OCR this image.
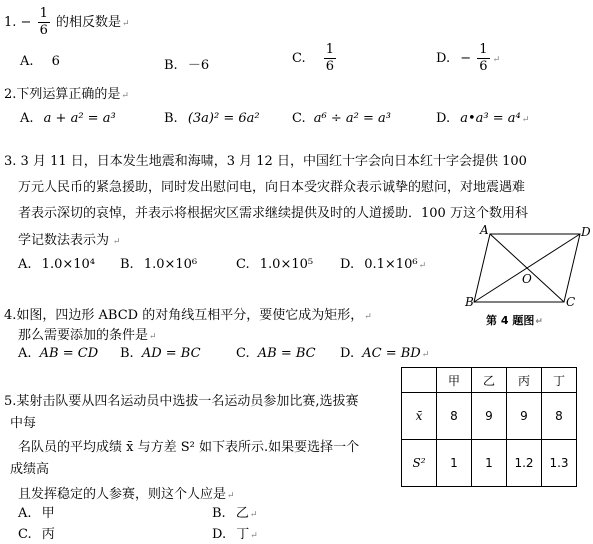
1. − $\frac{1}{6}$ 的相反数是↵
A. 6	B. －6	C. $\frac{1}{6}$	D. − $\frac{1}{6}$ ↵
2.下列运算正确的是↵
A. a + a² = a³	B. (3a)² = 6a² C. a⁶ ÷ a² = a³	D. a•a³ = a⁴↵
3. 3 月 11 日，日本发生地震和海啸，3 月 12 日，中国红十字会向日本红十字会提供 100
万元人民币的紧急援助，同时发出慰问电，向日本受灾群众表示诚挚的慰问，对地震遇难
者表示深切的哀悼，并表示将根据灾区需求继续提供及时的人道援助．100 万这个数用科
学记数法表示为 ↵
A. 1.0×10⁴ B. 1.0×10⁶	C. 1.0×10⁵ D. 0.1×10⁶↵
A	D
B	C
O
第 4 题图↵
4.如图，四边形 ABCD 的对角线互相平分，要使它成为矩形，↵
那么需要添加的条件是↵
A. AB = CD B. AD = BC	C. AB = BC D. AC = BD↵
5.某射击队要从四名运动员中选拔一名运动员参加比赛,选拔赛
中每
名队员的平均成绩 x̄ 与方差 S² 如下表所示.如果要选择一个
成绩高
且发挥稳定的人参赛，则这个人应是↵
A. 甲	B. 乙↵
C. 丙	D. 丁↵
	甲	乙	丙	丁
x̄	8	9	9	8
S²	1	1	1.2	1.3
